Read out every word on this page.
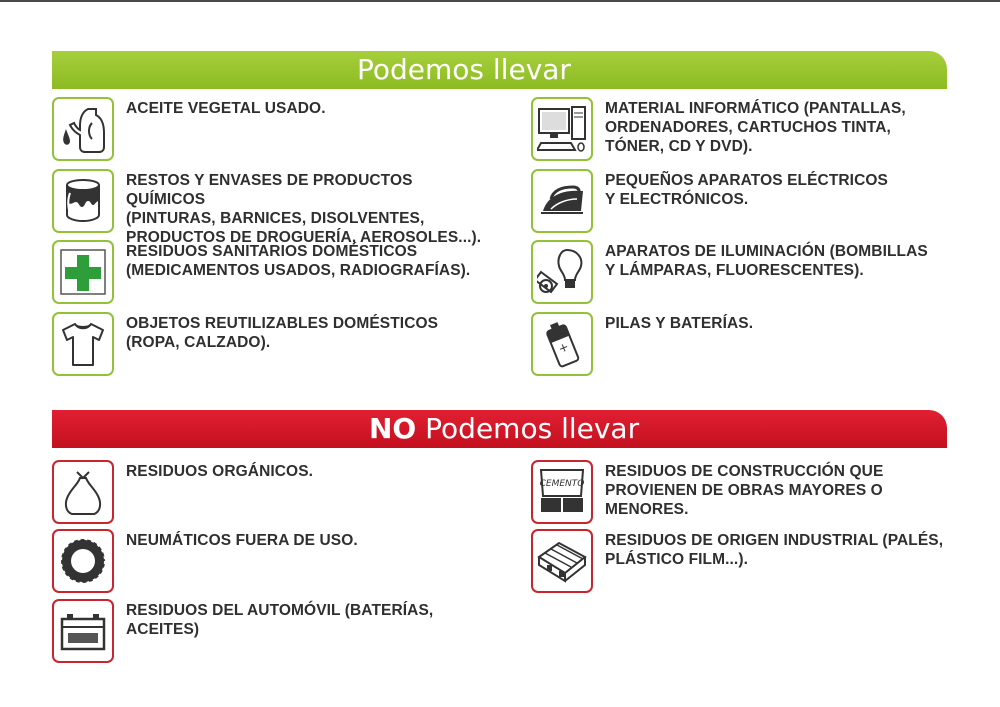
Podemos llevar
ACEITE VEGETAL USADO.
RESTOS Y ENVASES DE PRODUCTOS QUÍMICOS
(PINTURAS, BARNICES, DISOLVENTES,
PRODUCTOS DE DROGUERÍA, AEROSOLES...).
RESIDUOS SANITARIOS DOMÉSTICOS
(MEDICAMENTOS USADOS, RADIOGRAFÍAS).
OBJETOS REUTILIZABLES DOMÉSTICOS
(ROPA, CALZADO).
MATERIAL INFORMÁTICO (PANTALLAS,
ORDENADORES, CARTUCHOS TINTA,
TÓNER, CD Y DVD).
PEQUEÑOS APARATOS ELÉCTRICOS
Y ELECTRÓNICOS.
APARATOS DE ILUMINACIÓN (BOMBILLAS
Y LÁMPARAS, FLUORESCENTES).
+
PILAS Y BATERÍAS.
NO Podemos llevar
RESIDUOS ORGÁNICOS.
NEUMÁTICOS FUERA DE USO.
RESIDUOS DEL AUTOMÓVIL (BATERÍAS,
ACEITES)
CEMENTO
RESIDUOS DE CONSTRUCCIÓN QUE
PROVIENEN DE OBRAS MAYORES O
MENORES.
RESIDUOS DE ORIGEN INDUSTRIAL (PALÉS,
PLÁSTICO FILM...).
